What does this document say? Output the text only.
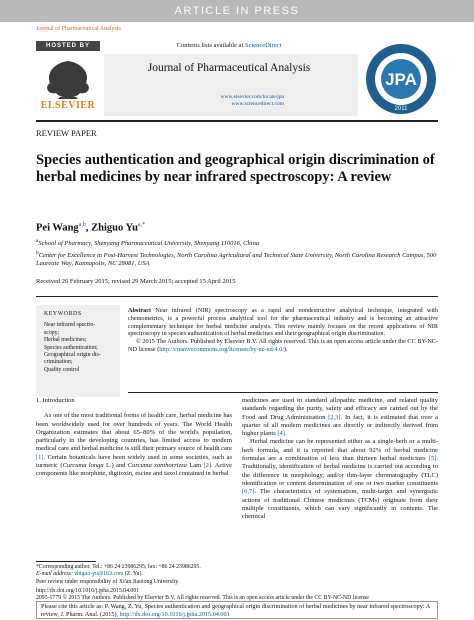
ARTICLE IN PRESS
Journal of Pharmaceutical Analysis
HOSTED BY
ELSEVIER
Contents lists available at ScienceDirect
Journal of Pharmaceutical Analysis
www.elsevier.com/locate/jpa
www.sciencedirect.com
JPA
2011
REVIEW PAPER
Species authentication and geographical origin discrimination of herbal medicines by near infrared spectroscopy: A review
Pei Wang$^{a,b}$, Zhiguo $Yu^{a,*}$
$^a$School of Pharmacy, Shenyang Pharmaceutical University, Shenyang 110016, China
$^b$Center for Excellence in Post-Harvest Technologies, North Carolina Agricultural and Technical State University, North Carolina Research Campus, 500 Laureate Way, Kannapolis, NC 28081, USA
Received 26 February 2015; revised 29 March 2015; accepted 15 April 2015
KEYWORDS
Near infrared spectro-
scopy;
Herbal medicines;
Species authentication;
Geographical origin dis-
crimination;
Quality control
Abstract Near infrared (NIR) spectroscopy as a rapid and nondestructive analytical technique, integrated with chemometrics, is a powerful process analytical tool for the pharmaceutical industry and is becoming an attractive complementary technique for herbal medicine analysis. This review mainly focuses on the recent applications of NIR spectroscopy in species authentication of herbal medicines and their geographical origin discrimination.
© 2015 The Authors. Published by Elsevier B.V. All rights reserved. This is an open access article under the CC BY-NC-ND license (http://creativecommons.org/licenses/by-nc-nd/4.0/).
1. Introduction

As one of the most traditional forms of health care, herbal medicine has been worldwidely used for over hundreds of years. The World Health Organization estimates that about 65–80% of the world's population, particularly in the developing countries, has limited access to modern medical care and herbal medicine is still their primary source of health care [1]. Certain botanicals have been widely used in some societies, such as turmeric (Curcuma longa L.) and Curcuma xanthorrizza Lam [2]. Active components like morphine, digitoxin, escine and taxol contained in herbal

medicines are used in standard allopathic medicine, and related quality standards regarding the purity, safety and efficacy are carried out by the Food and Drug Administration [2,3]. In fact, it is estimated that over a quarter of all modern medicines are directly or indirectly derived from higher plants [4].

Herbal medicine can be represented either as a single-herb or a multi-herb formula, and it is reported that about 92% of herbal medicine formulas are a combination of less than thirteen herbal medicines [5]. Traditionally, identification of herbal medicine is carried out according to the difference in morphology, and/or thin-layer chromatography (TLC) identification or content determination of one or two marker constituents [6,7]. The characteristics of systematism, multi-target and synergistic actions of traditional Chinese medicines (TCMs) originate from their multiple constituents, which can vary significantly in contents. The chemical

*Corresponding author. Tel.: +86 24 23986295; fax: +86 24 23986295.
E-mail address: zhiguo-yu@163.com (Z. Yu).
Peer review under responsibility of Xi'an Jiaotong University.
http://dx.doi.org/10.1016/j.jpha.2015.04.001
2095-1779 © 2015 The Authors. Published by Elsevier B.V. All rights reserved. This is an open access article under the CC BY-NC-ND license
Please cite this article as: P. Wang, Z. Yu, Species authentication and geographical origin discrimination of herbal medicines by near infrared spectroscopy: A review, J. Pharm. Anal. (2015), http://dx.doi.org/10.1016/j.jpha.2015.04.001
